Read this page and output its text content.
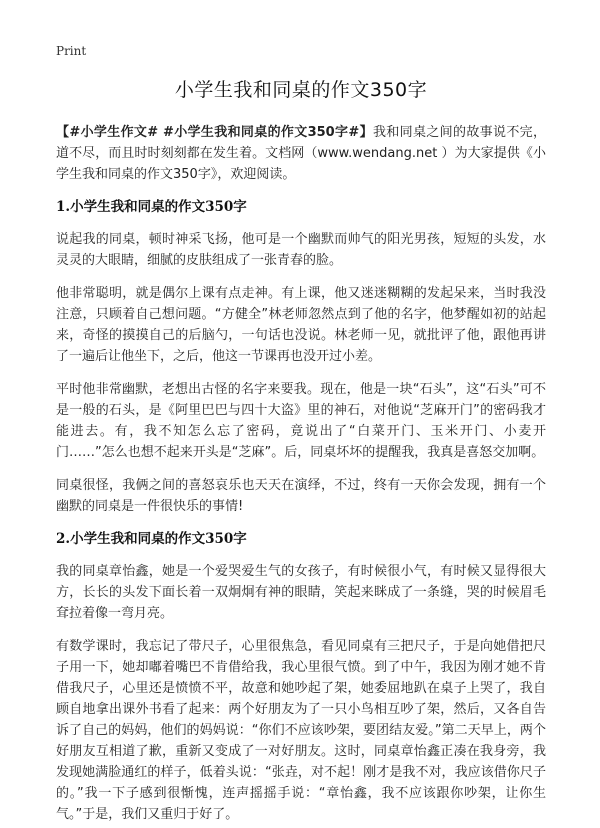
Print
小学生我和同桌的作文350字

【#小学生作文# #小学生我和同桌的作文350字#】我和同桌之间的故事说不完，道不尽，而且时时刻刻都在发生着。文档网（www.wendang.net ）为大家提供《小学生我和同桌的作文350字》，欢迎阅读。

1.小学生我和同桌的作文350字

说起我的同桌，顿时神采飞扬，他可是一个幽默而帅气的阳光男孩，短短的头发，水灵灵的大眼睛，细腻的皮肤组成了一张青春的脸。

他非常聪明，就是偶尔上课有点走神。有上课，他又迷迷糊糊的发起呆来，当时我没注意，只顾着自己想问题。“方健全”林老师忽然点到了他的名字，他梦醒如初的站起来，奇怪的摸摸自己的后脑勺，一句话也没说。林老师一见，就批评了他，跟他再讲了一遍后让他坐下，之后，他这一节课再也没开过小差。

平时他非常幽默，老想出古怪的名字来要我。现在，他是一块“石头”，这“石头”可不是一般的石头，是《阿里巴巴与四十大盗》里的神石，对他说“芝麻开门”的密码我才能进去。有，我不知怎么忘了密码，竟说出了“白菜开门、玉米开门、小麦开门……”怎么也想不起来开头是“芝麻”。后，同桌坏坏的提醒我，我真是喜怒交加啊。

同桌很怪，我俩之间的喜怒哀乐也天天在演绎，不过，终有一天你会发现，拥有一个幽默的同桌是一件很快乐的事情!

2.小学生我和同桌的作文350字

我的同桌章怡鑫，她是一个爱哭爱生气的女孩子，有时候很小气，有时候又显得很大方，长长的头发下面长着一双炯炯有神的眼睛，笑起来眯成了一条缝，哭的时候眉毛耷拉着像一弯月亮。

有数学课时，我忘记了带尺子，心里很焦急，看见同桌有三把尺子，于是向她借把尺子用一下，她却嘟着嘴巴不肯借给我，我心里很气愤。到了中午，我因为刚才她不肯借我尺子，心里还是愤愤不平，故意和她吵起了架，她委屈地趴在桌子上哭了，我自顾自地拿出课外书看了起来：两个好朋友为了一只小鸟相互吵了架，然后，又各自告诉了自己的妈妈，他们的妈妈说：“你们不应该吵架，要团结友爱。”第二天早上，两个好朋友互相道了歉，重新又变成了一对好朋友。这时，同桌章怡鑫正凑在我身旁，我发现她满脸通红的样子，低着头说：“张垚，对不起！刚才是我不对，我应该借你尺子的。”我一下子感到很惭愧，连声摇摇手说：“章怡鑫，我不应该跟你吵架，让你生气。”于是，我们又重归于好了。
